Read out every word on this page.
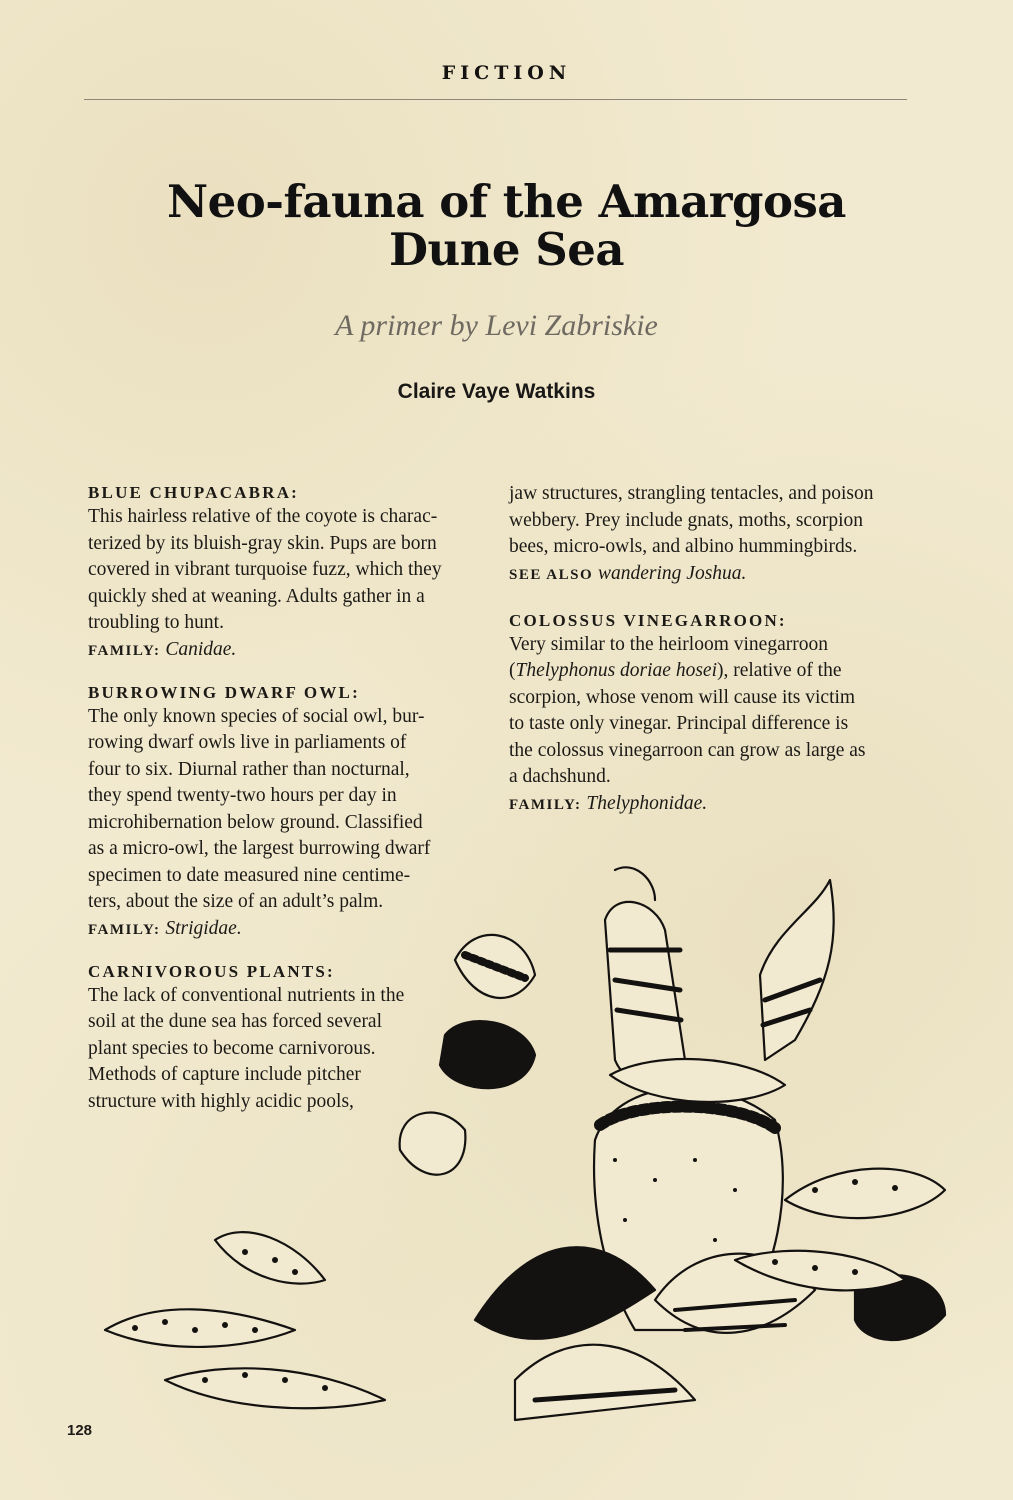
FICTION
Neo-fauna of the Amargosa
Dune Sea
A primer by Levi Zabriskie
Claire Vaye Watkins

BLUE CHUPACABRA:

This hairless relative of the coyote is charac-

terized by its bluish-gray skin. Pups are born

covered in vibrant turquoise fuzz, which they

quickly shed at weaning. Adults gather in a

troubling to hunt.

FAMILY: Canidae.

BURROWING DWARF OWL:

The only known species of social owl, bur-

rowing dwarf owls live in parliaments of

four to six. Diurnal rather than nocturnal,

they spend twenty-two hours per day in

microhibernation below ground. Classified

as a micro-owl, the largest burrowing dwarf

specimen to date measured nine centime-

ters, about the size of an adult’s palm.

FAMILY: Strigidae.

CARNIVOROUS PLANTS:

The lack of conventional nutrients in the

soil at the dune sea has forced several

plant species to become carnivorous.

Methods of capture include pitcher

structure with highly acidic pools,

jaw structures, strangling tentacles, and poison

webbery. Prey include gnats, moths, scorpion

bees, micro-owls, and albino hummingbirds.

SEE ALSO wandering Joshua.

COLOSSUS VINEGARROON:

Very similar to the heirloom vinegarroon

(Thelyphonus doriae hosei), relative of the

scorpion, whose venom will cause its victim

to taste only vinegar. Principal difference is

the colossus vinegarroon can grow as large as

a dachshund.

FAMILY: Thelyphonidae.

128
